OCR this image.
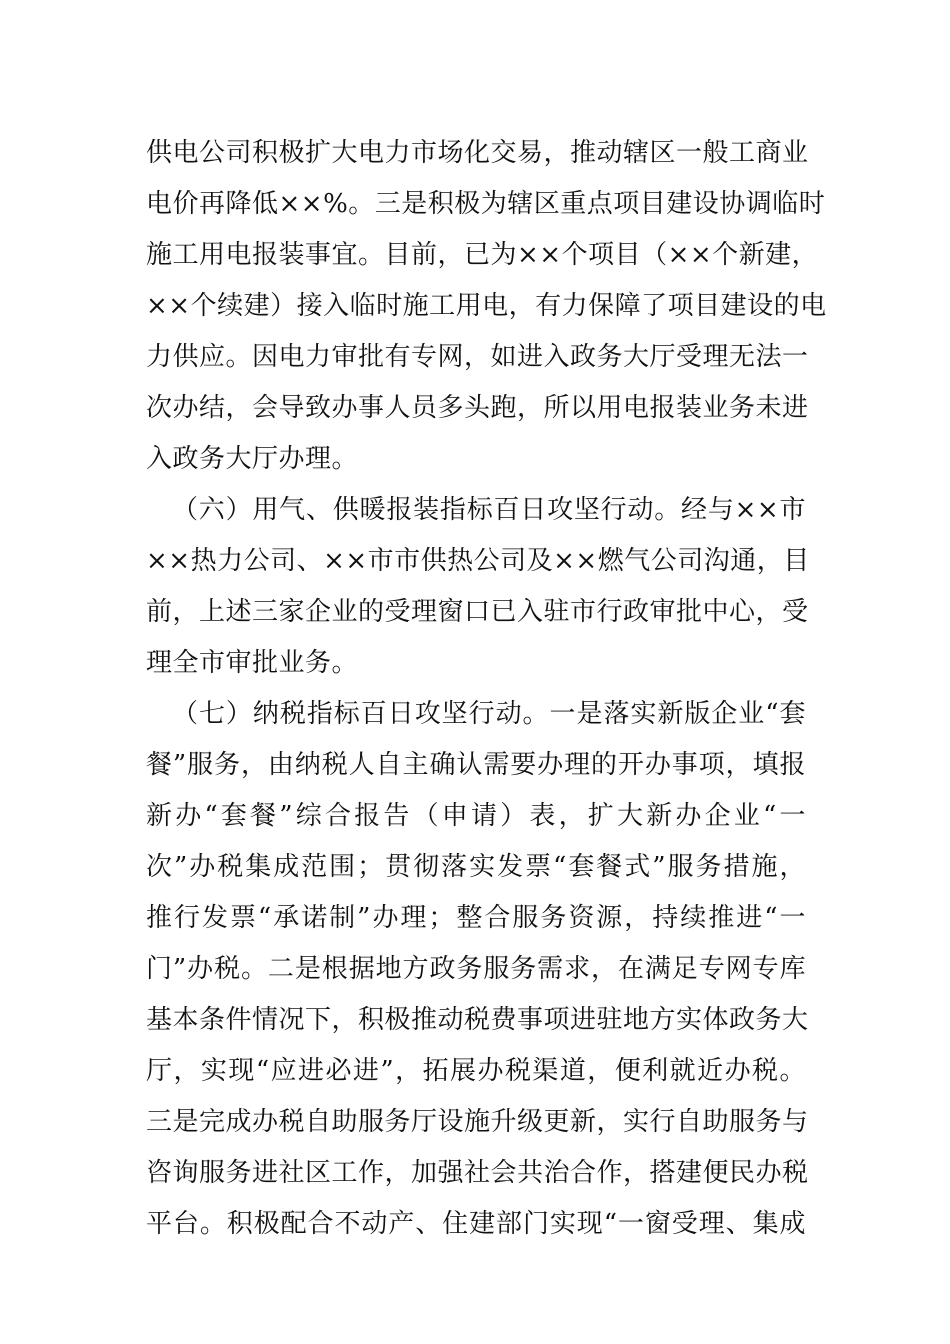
供电公司积极扩大电力市场化交易，推动辖区一般工商业
电价再降低××%。三是积极为辖区重点项目建设协调临时
施工用电报装事宜。目前，已为××个项目（××个新建，
××个续建）接入临时施工用电，有力保障了项目建设的电
力供应。因电力审批有专网，如进入政务大厅受理无法一
次办结，会导致办事人员多头跑，所以用电报装业务未进
入政务大厅办理。
（六）用气、供暖报装指标百日攻坚行动。经与××市
××热力公司、××市市供热公司及××燃气公司沟通，目
前，上述三家企业的受理窗口已入驻市行政审批中心，受
理全市审批业务。
（七）纳税指标百日攻坚行动。一是落实新版企业“套
餐”服务，由纳税人自主确认需要办理的开办事项，填报
新办“套餐”综合报告（申请）表，扩大新办企业“一
次”办税集成范围；贯彻落实发票“套餐式”服务措施，
推行发票“承诺制”办理；整合服务资源，持续推进“一
门”办税。二是根据地方政务服务需求，在满足专网专库
基本条件情况下，积极推动税费事项进驻地方实体政务大
厅，实现“应进必进”，拓展办税渠道，便利就近办税。
三是完成办税自助服务厅设施升级更新，实行自助服务与
咨询服务进社区工作，加强社会共治合作，搭建便民办税
平台。积极配合不动产、住建部门实现“一窗受理、集成
